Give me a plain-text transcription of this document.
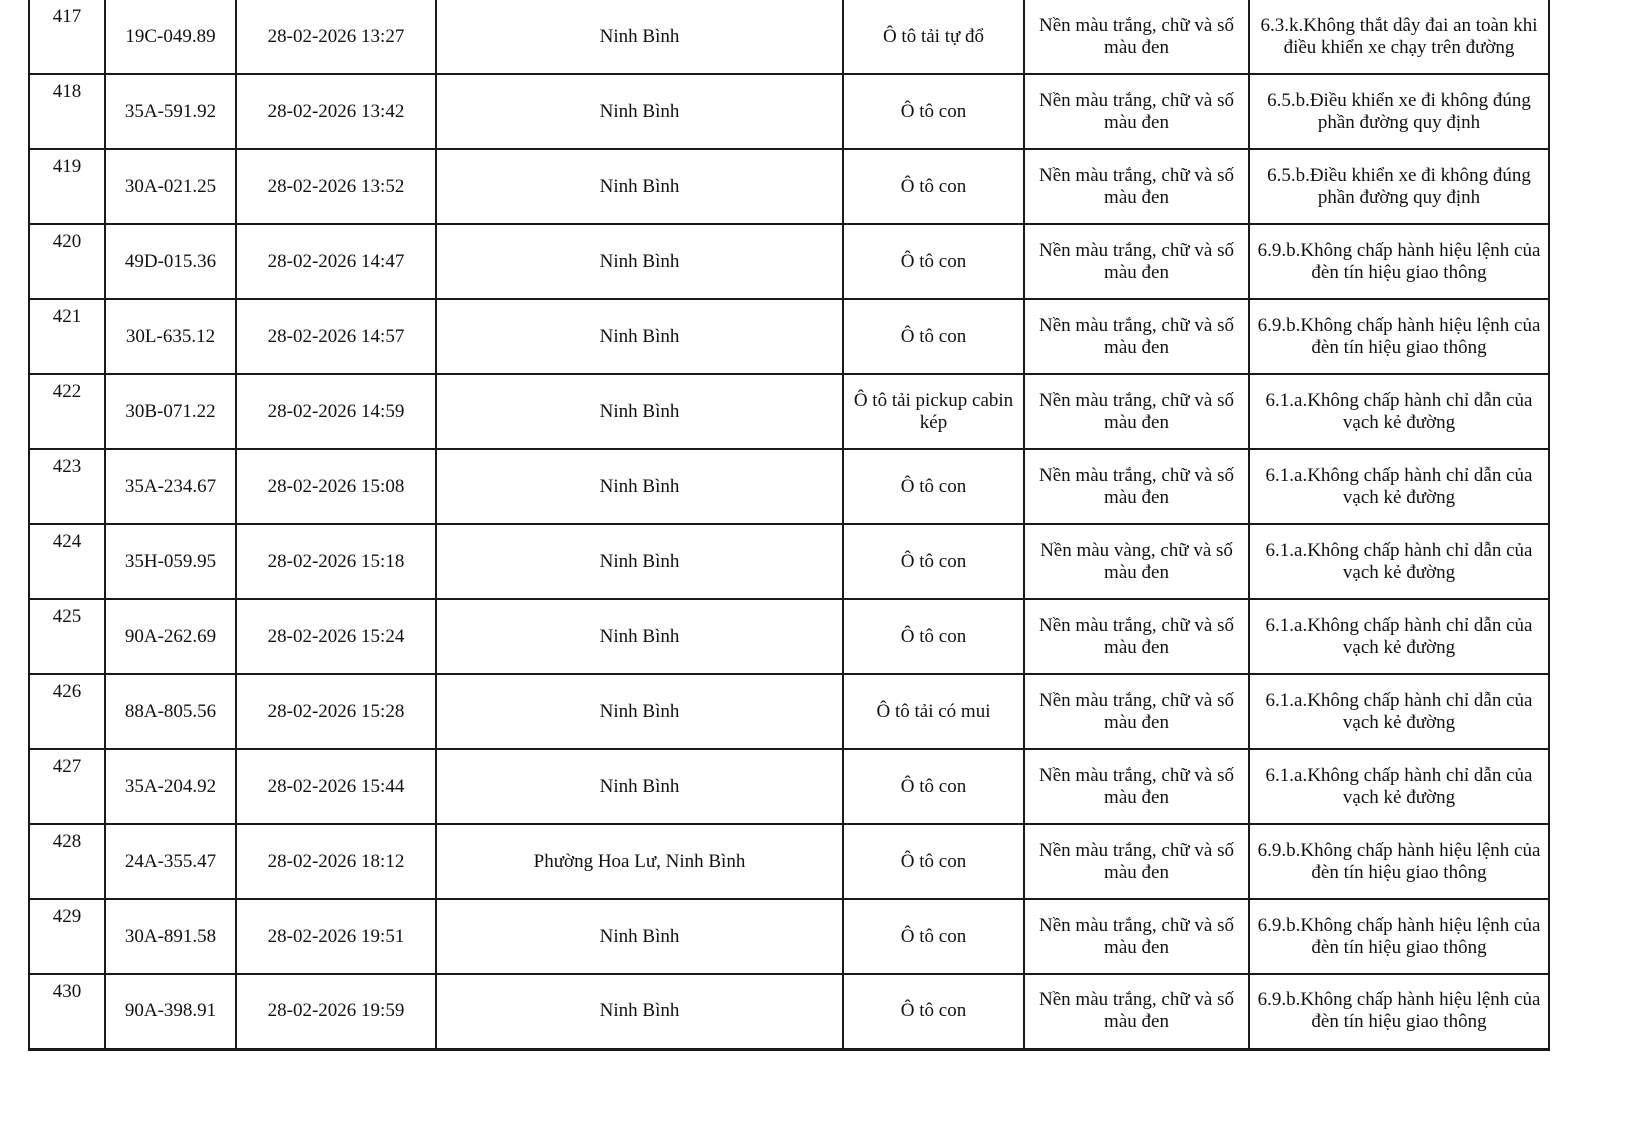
417	19C-049.89	28-02-2026 13:27	Ninh Bình	Ô tô tải tự đổ	Nền màu trắng, chữ và số màu đen	6.3.k.Không thắt dây đai an toàn khi điều khiển xe chạy trên đường
418	35A-591.92	28-02-2026 13:42	Ninh Bình	Ô tô con	Nền màu trắng, chữ và số màu đen	6.5.b.Điều khiển xe đi không đúng phần đường quy định
419	30A-021.25	28-02-2026 13:52	Ninh Bình	Ô tô con	Nền màu trắng, chữ và số màu đen	6.5.b.Điều khiển xe đi không đúng phần đường quy định
420	49D-015.36	28-02-2026 14:47	Ninh Bình	Ô tô con	Nền màu trắng, chữ và số màu đen	6.9.b.Không chấp hành hiệu lệnh của đèn tín hiệu giao thông
421	30L-635.12	28-02-2026 14:57	Ninh Bình	Ô tô con	Nền màu trắng, chữ và số màu đen	6.9.b.Không chấp hành hiệu lệnh của đèn tín hiệu giao thông
422	30B-071.22	28-02-2026 14:59	Ninh Bình	Ô tô tải pickup cabin kép	Nền màu trắng, chữ và số màu đen	6.1.a.Không chấp hành chỉ dẫn của vạch kẻ đường
423	35A-234.67	28-02-2026 15:08	Ninh Bình	Ô tô con	Nền màu trắng, chữ và số màu đen	6.1.a.Không chấp hành chỉ dẫn của vạch kẻ đường
424	35H-059.95	28-02-2026 15:18	Ninh Bình	Ô tô con	Nền màu vàng, chữ và số màu đen	6.1.a.Không chấp hành chỉ dẫn của vạch kẻ đường
425	90A-262.69	28-02-2026 15:24	Ninh Bình	Ô tô con	Nền màu trắng, chữ và số màu đen	6.1.a.Không chấp hành chỉ dẫn của vạch kẻ đường
426	88A-805.56	28-02-2026 15:28	Ninh Bình	Ô tô tải có mui	Nền màu trắng, chữ và số màu đen	6.1.a.Không chấp hành chỉ dẫn của vạch kẻ đường
427	35A-204.92	28-02-2026 15:44	Ninh Bình	Ô tô con	Nền màu trắng, chữ và số màu đen	6.1.a.Không chấp hành chỉ dẫn của vạch kẻ đường
428	24A-355.47	28-02-2026 18:12	Phường Hoa Lư, Ninh Bình	Ô tô con	Nền màu trắng, chữ và số màu đen	6.9.b.Không chấp hành hiệu lệnh của đèn tín hiệu giao thông
429	30A-891.58	28-02-2026 19:51	Ninh Bình	Ô tô con	Nền màu trắng, chữ và số màu đen	6.9.b.Không chấp hành hiệu lệnh của đèn tín hiệu giao thông
430	90A-398.91	28-02-2026 19:59	Ninh Bình	Ô tô con	Nền màu trắng, chữ và số màu đen	6.9.b.Không chấp hành hiệu lệnh của đèn tín hiệu giao thông
